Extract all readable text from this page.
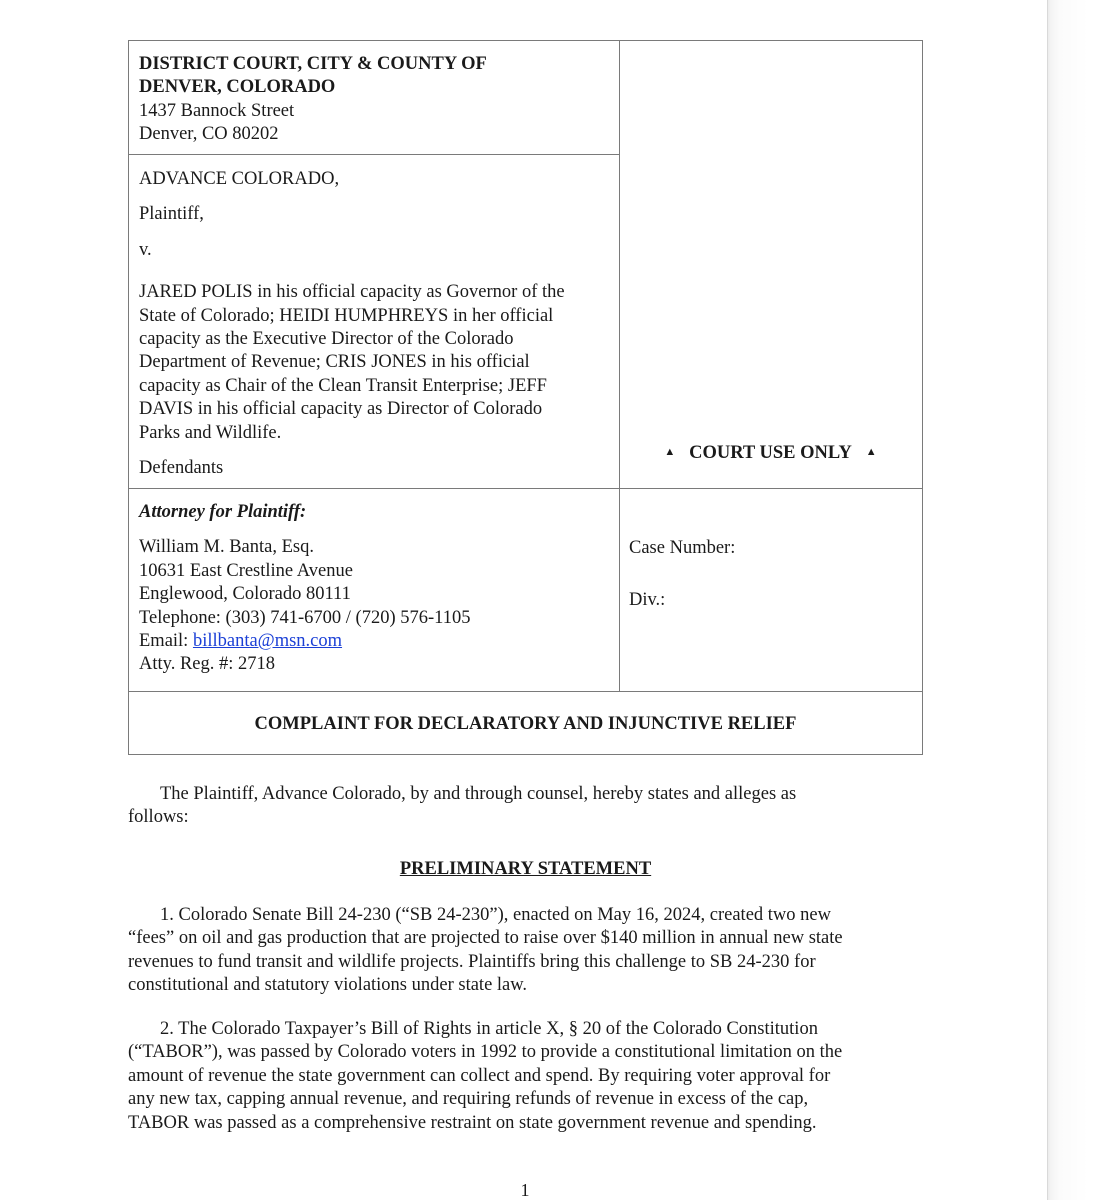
DISTRICT COURT, CITY & COUNTY OF

DENVER, COLORADO

1437 Bannock Street

Denver, CO 80202

ADVANCE COLORADO,

Plaintiff,

v.

JARED POLIS in his official capacity as Governor of the

State of Colorado; HEIDI HUMPHREYS in her official

capacity as the Executive Director of the Colorado

Department of Revenue; CRIS JONES in his official

capacity as Chair of the Clean Transit Enterprise; JEFF

DAVIS in his official capacity as Director of Colorado

Parks and Wildlife.

Defendants

▲ COURT USE ONLY ▲

Attorney for Plaintiff:

William M. Banta, Esq.

10631 East Crestline Avenue

Englewood, Colorado 80111

Telephone: (303) 741-6700 / (720) 576-1105

Email: billbanta@msn.com

Atty. Reg. #: 2718

Case Number:

Div.:

COMPLAINT FOR DECLARATORY AND INJUNCTIVE RELIEF

The Plaintiff, Advance Colorado, by and through counsel, hereby states and alleges as

follows:

PRELIMINARY STATEMENT

1. Colorado Senate Bill 24-230 (“SB 24-230”), enacted on May 16, 2024, created two new

“fees” on oil and gas production that are projected to raise over $140 million in annual new state

revenues to fund transit and wildlife projects. Plaintiffs bring this challenge to SB 24-230 for

constitutional and statutory violations under state law.

2. The Colorado Taxpayer’s Bill of Rights in article X, § 20 of the Colorado Constitution

(“TABOR”), was passed by Colorado voters in 1992 to provide a constitutional limitation on the

amount of revenue the state government can collect and spend. By requiring voter approval for

any new tax, capping annual revenue, and requiring refunds of revenue in excess of the cap,

TABOR was passed as a comprehensive restraint on state government revenue and spending.

1
